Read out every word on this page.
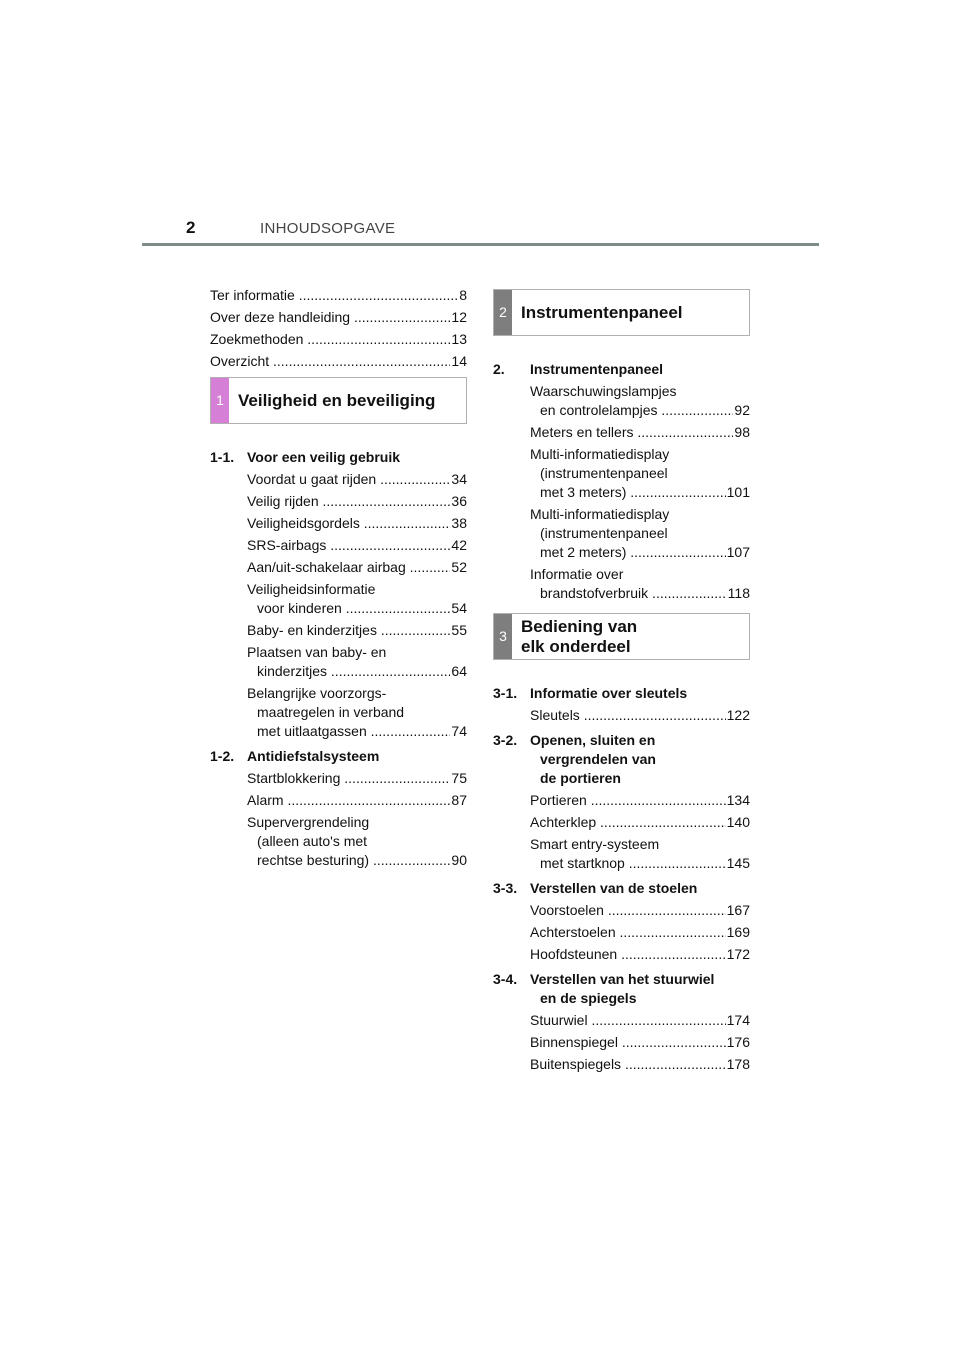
2	INHOUDSOPGAVE
Ter informatie .....	8
Over deze handleiding .....	12
Zoekmethoden .....	13
Overzicht .....	14
1 Veiligheid en beveiliging
1-1. Voor een veilig gebruik
Voordat u gaat rijden .....	34
Veilig rijden .....	36
Veiligheidsgordels .....	38
SRS-airbags .....	42
Aan/uit-schakelaar airbag .....	52
Veiligheidsinformatie
voor kinderen .....	54
Baby- en kinderzitjes .....	55
Plaatsen van baby- en
kinderzitjes .....	64
Belangrijke voorzorgs-
maatregelen in verband
met uitlaatgassen .....	74
1-2. Antidiefstalsysteem
Startblokkering .....	75
Alarm .....	87
Supervergrendeling
(alleen auto's met
rechtse besturing) .....	90
2 Instrumentenpaneel
2.	Instrumentenpaneel
Waarschuwingslampjes
en controlelampjes .....	92
Meters en tellers .....	98
Multi-informatiedisplay
(instrumentenpaneel
met 3 meters) .....	101
Multi-informatiedisplay
(instrumentenpaneel
met 2 meters) .....	107
Informatie over
brandstofverbruik .....	118
3
Bediening van
elk onderdeel
3-1. Informatie over sleutels
Sleutels .....	122
3-2. Openen, sluiten en
vergrendelen van
de portieren
Portieren .....	134
Achterklep .....	140
Smart entry-systeem
met startknop .....	145
3-3. Verstellen van de stoelen
Voorstoelen .....	167
Achterstoelen .....	169
Hoofdsteunen .....	172
3-4. Verstellen van het stuurwiel
en de spiegels
Stuurwiel .....	174
Binnenspiegel .....	176
Buitenspiegels .....	178
